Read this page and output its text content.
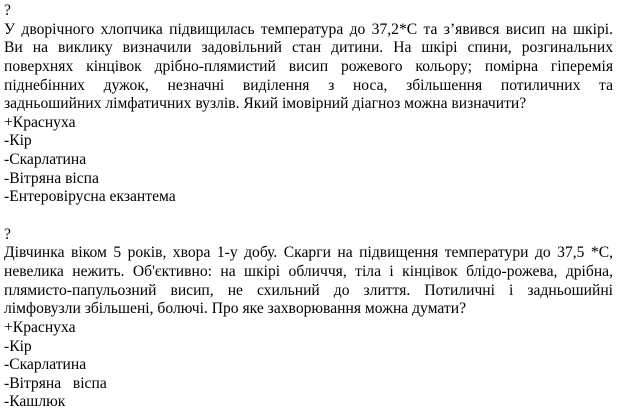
?
У дворічного хлопчика підвищилась температура до 37,2*С та з’явився висип на шкірі.
Ви на виклику визначили задовільний стан дитини. На шкірі спини, розгинальних
поверхнях кінцівок дрібно-плямистий висип рожевого кольору; помірна гіперемія
піднебінних дужок, незначні виділення з носа, збільшення потиличних та
задньошийних лімфатичних вузлів. Який імовірний діагноз можна визначити?
+Краснуха
-Кір
-Скарлатина
-Вітряна віспа
-Ентеровірусна екзантема
?
Дівчинка віком 5 років, хвора 1-у добу. Скарги на підвищення температури до 37,5 *С,
невелика нежить. Об'єктивно: на шкірі обличчя, тіла і кінцівок блідо-рожева, дрібна,
плямисто-папульозний висип, не схильний до злиття. Потиличні і задньошийні
лімфовузли збільшені, болючі. Про яке захворювання можна думати?
+Краснуха
-Кір
-Скарлатина
-Вітряна   віспа
-Кашлюк
